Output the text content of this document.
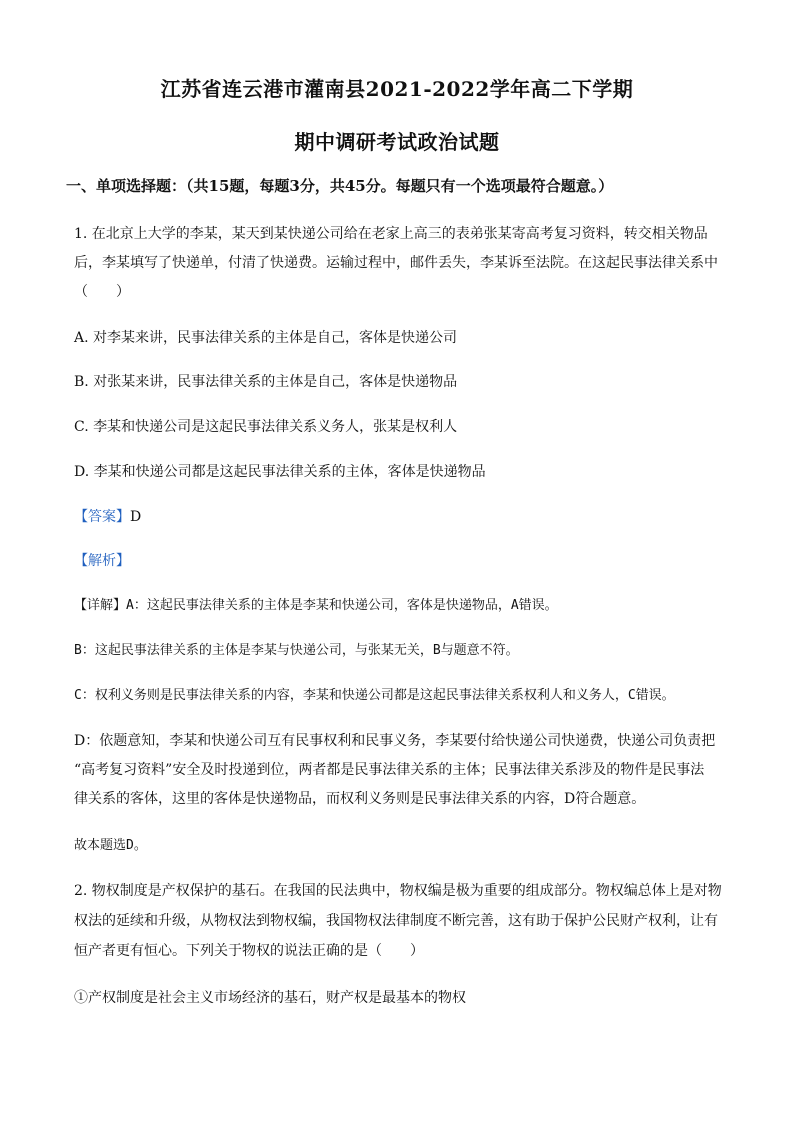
江苏省连云港市灌南县2021-2022学年高二下学期
期中调研考试政治试题
一、单项选择题：（共15题，每题3分，共45分。每题只有一个选项最符合题意。）
1. 在北京上大学的李某，某天到某快递公司给在老家上高三的表弟张某寄高考复习资料，转交相关物品
后，李某填写了快递单，付清了快递费。运输过程中，邮件丢失，李某诉至法院。在这起民事法律关系中
（　　）
A. 对李某来讲，民事法律关系的主体是自己，客体是快递公司
B. 对张某来讲，民事法律关系的主体是自己，客体是快递物品
C. 李某和快递公司是这起民事法律关系义务人，张某是权利人
D. 李某和快递公司都是这起民事法律关系的主体，客体是快递物品
【答案】D
【解析】
【详解】A：这起民事法律关系的主体是李某和快递公司，客体是快递物品，A错误。
B：这起民事法律关系的主体是李某与快递公司，与张某无关，B与题意不符。
C：权利义务则是民事法律关系的内容，李某和快递公司都是这起民事法律关系权利人和义务人，C错误。
D：依题意知，李某和快递公司互有民事权利和民事义务，李某要付给快递公司快递费，快递公司负责把
“高考复习资料”安全及时投递到位，两者都是民事法律关系的主体；民事法律关系涉及的物件是民事法
律关系的客体，这里的客体是快递物品，而权利义务则是民事法律关系的内容，D符合题意。
故本题选D。
2. 物权制度是产权保护的基石。在我国的民法典中，物权编是极为重要的组成部分。物权编总体上是对物
权法的延续和升级，从物权法到物权编，我国物权法律制度不断完善，这有助于保护公民财产权利，让有
恒产者更有恒心。下列关于物权的说法正确的是（　　）
①产权制度是社会主义市场经济的基石，财产权是最基本的物权
